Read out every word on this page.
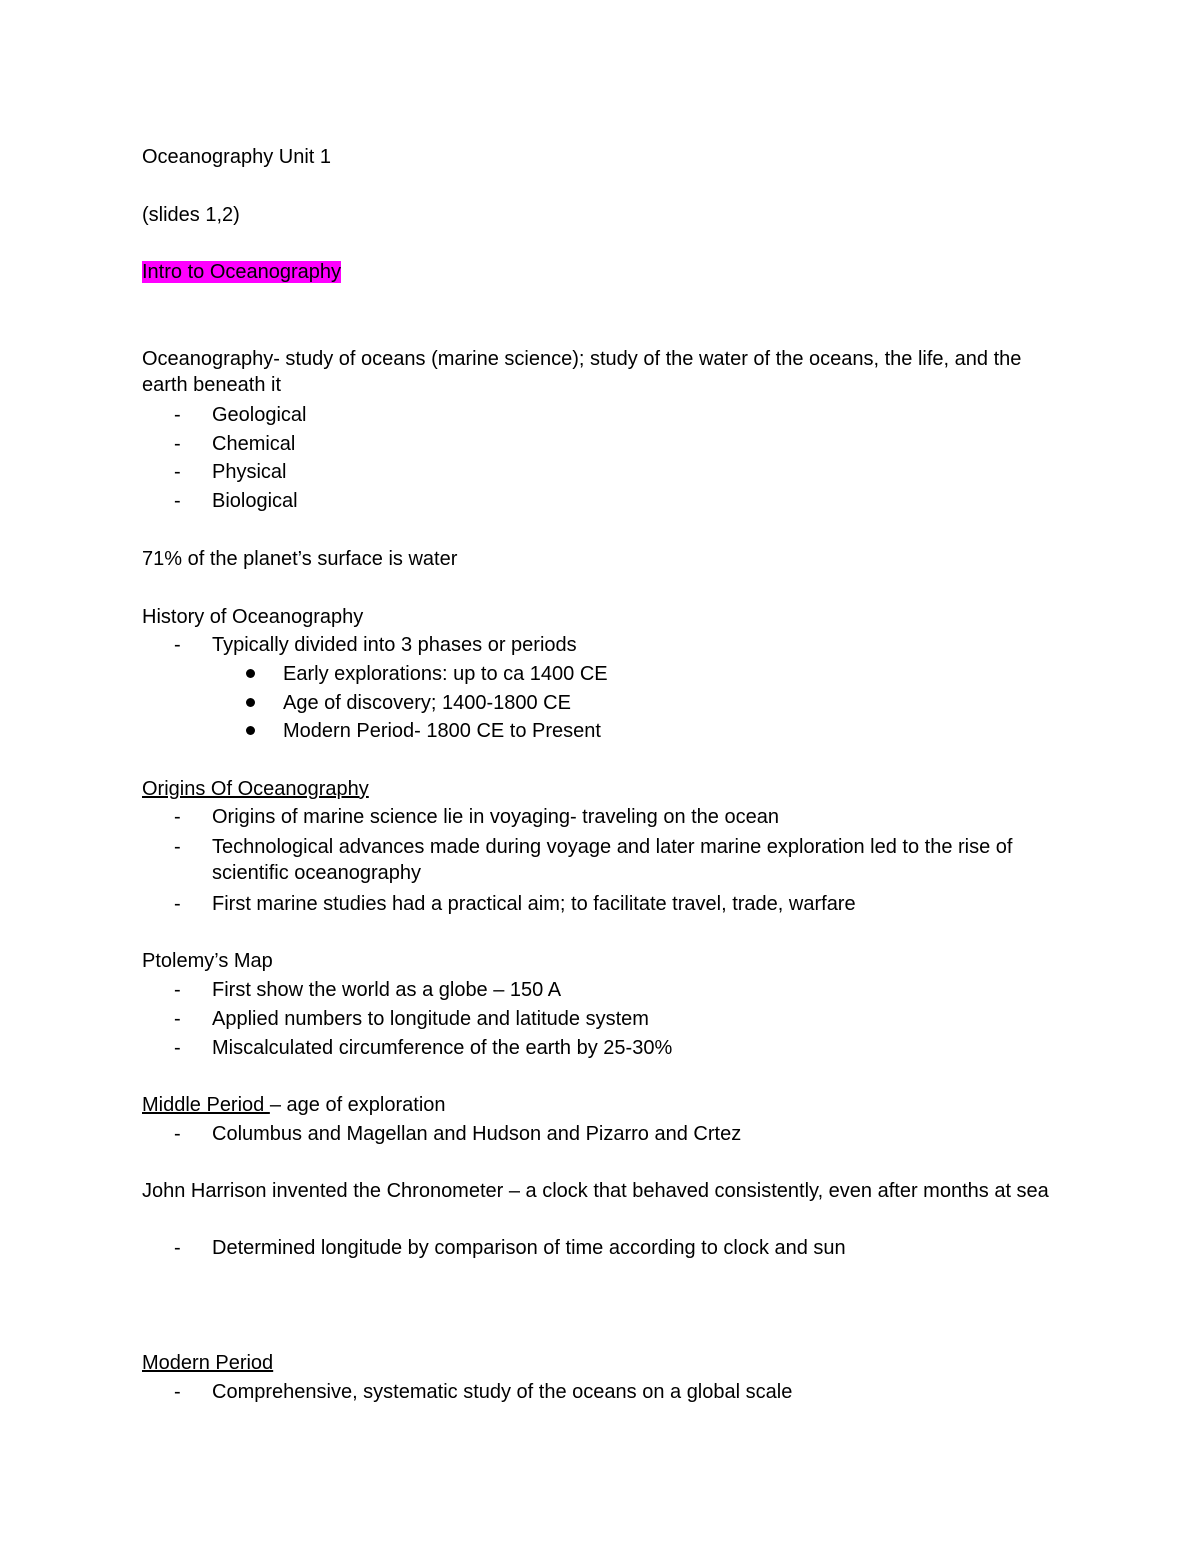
Oceanography Unit 1
(slides 1,2)
Intro to Oceanography
Oceanography- study of oceans (marine science); study of the water of the oceans, the life, and the earth beneath it
- Geological
- Chemical
- Physical
- Biological
71% of the planet’s surface is water
History of Oceanography
- Typically divided into 3 phases or periods
Early explorations: up to ca 1400 CE
Age of discovery; 1400-1800 CE
Modern Period- 1800 CE to Present
Origins Of Oceanography
- Origins of marine science lie in voyaging- traveling on the ocean
- Technological advances made during voyage and later marine exploration led to the rise of scientific oceanography
- First marine studies had a practical aim; to facilitate travel, trade, warfare
Ptolemy’s Map
- First show the world as a globe – 150 A
- Applied numbers to longitude and latitude system
- Miscalculated circumference of the earth by 25-30%
Middle Period – age of exploration
- Columbus and Magellan and Hudson and Pizarro and Crtez
John Harrison invented the Chronometer – a clock that behaved consistently, even after months at sea
- Determined longitude by comparison of time according to clock and sun
Modern Period
- Comprehensive, systematic study of the oceans on a global scale
